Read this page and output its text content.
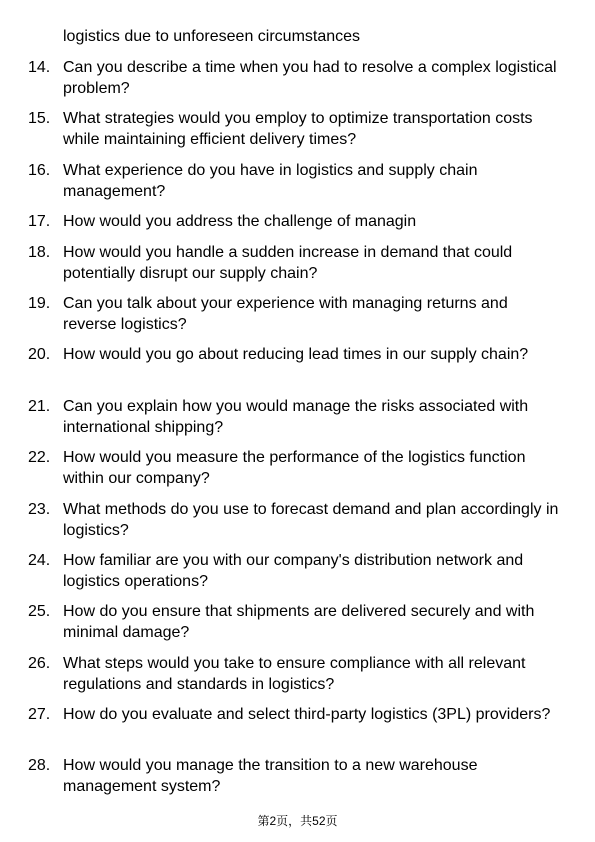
logistics due to unforeseen circumstances
14. Can you describe a time when you had to resolve a complex logistical problem?
15. What strategies would you employ to optimize transportation costs while maintaining efficient delivery times?
16. What experience do you have in logistics and supply chain management?
17. How would you address the challenge of managin
18. How would you handle a sudden increase in demand that could potentially disrupt our supply chain?
19. Can you talk about your experience with managing returns and reverse logistics?
20. How would you go about reducing lead times in our supply chain?
21. Can you explain how you would manage the risks associated with international shipping?
22. How would you measure the performance of the logistics function within our company?
23. What methods do you use to forecast demand and plan accordingly in logistics?
24. How familiar are you with our company's distribution network and logistics operations?
25. How do you ensure that shipments are delivered securely and with minimal damage?
26. What steps would you take to ensure compliance with all relevant regulations and standards in logistics?
27. How do you evaluate and select third-party logistics (3PL) providers?
28. How would you manage the transition to a new warehouse management system?
第2页，共52页
